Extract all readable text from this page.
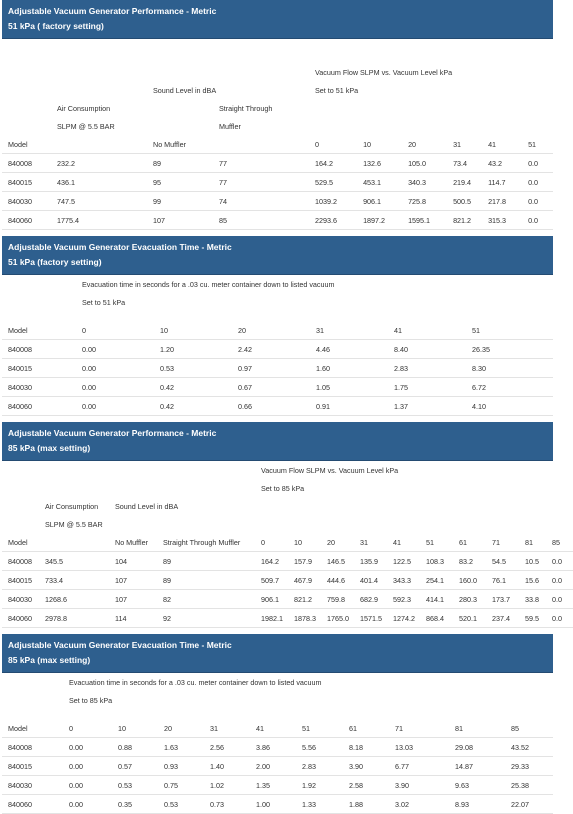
Adjustable Vacuum Generator Performance - Metric
51 kPa ( factory setting)

				Vacuum Flow SLPM vs. Vacuum Level kPa					
		Sound Level in dBA		Set to 51 kPa					
	Air Consumption		Straight Through						
	SLPM @ 5.5 BAR		Muffler						
Model		No Muffler		0	10	20	31	41	51
840008	232.2	89	77	164.2	132.6	105.0	73.4	43.2	0.0
840015	436.1	95	77	529.5	453.1	340.3	219.4	114.7	0.0
840030	747.5	99	74	1039.2	906.1	725.8	500.5	217.8	0.0
840060	1775.4	107	85	2293.6	1897.2	1595.1	821.2	315.3	0.0
Adjustable Vacuum Generator Evacuation Time - Metric
51 kPa (factory setting)
	Evacuation time in seconds for a .03 cu. meter container down to listed vacuum					
	Set to 51 kPa					

Model	0	10	20	31	41	51
840008	0.00	1.20	2.42	4.46	8.40	26.35
840015	0.00	0.53	0.97	1.60	2.83	8.30
840030	0.00	0.42	0.67	1.05	1.75	6.72
840060	0.00	0.42	0.66	0.91	1.37	4.10
Adjustable Vacuum Generator Performance - Metric
85 kPa (max setting)
				Vacuum Flow SLPM vs. Vacuum Level kPa									
				Set to 85 kPa									
	Air Consumption	Sound Level in dBA											
	SLPM @ 5.5 BAR												
Model		No Muffler	Straight Through Muffler	0	10	20	31	41	51	61	71	81	85
840008	345.5	104	89	164.2	157.9	146.5	135.9	122.5	108.3	83.2	54.5	10.5	0.0
840015	733.4	107	89	509.7	467.9	444.6	401.4	343.3	254.1	160.0	76.1	15.6	0.0
840030	1268.6	107	82	906.1	821.2	759.8	682.9	592.3	414.1	280.3	173.7	33.8	0.0
840060	2978.8	114	92	1982.1	1878.3	1765.0	1571.5	1274.2	868.4	520.1	237.4	59.5	0.0
Adjustable Vacuum Generator Evacuation Time - Metric
85 kPa (max setting)
	Evacuation time in seconds for a .03 cu. meter container down to listed vacuum									
	Set to 85 kPa									

Model	0	10	20	31	41	51	61	71	81	85
840008	0.00	0.88	1.63	2.56	3.86	5.56	8.18	13.03	29.08	43.52
840015	0.00	0.57	0.93	1.40	2.00	2.83	3.90	6.77	14.87	29.33
840030	0.00	0.53	0.75	1.02	1.35	1.92	2.58	3.90	9.63	25.38
840060	0.00	0.35	0.53	0.73	1.00	1.33	1.88	3.02	8.93	22.07
